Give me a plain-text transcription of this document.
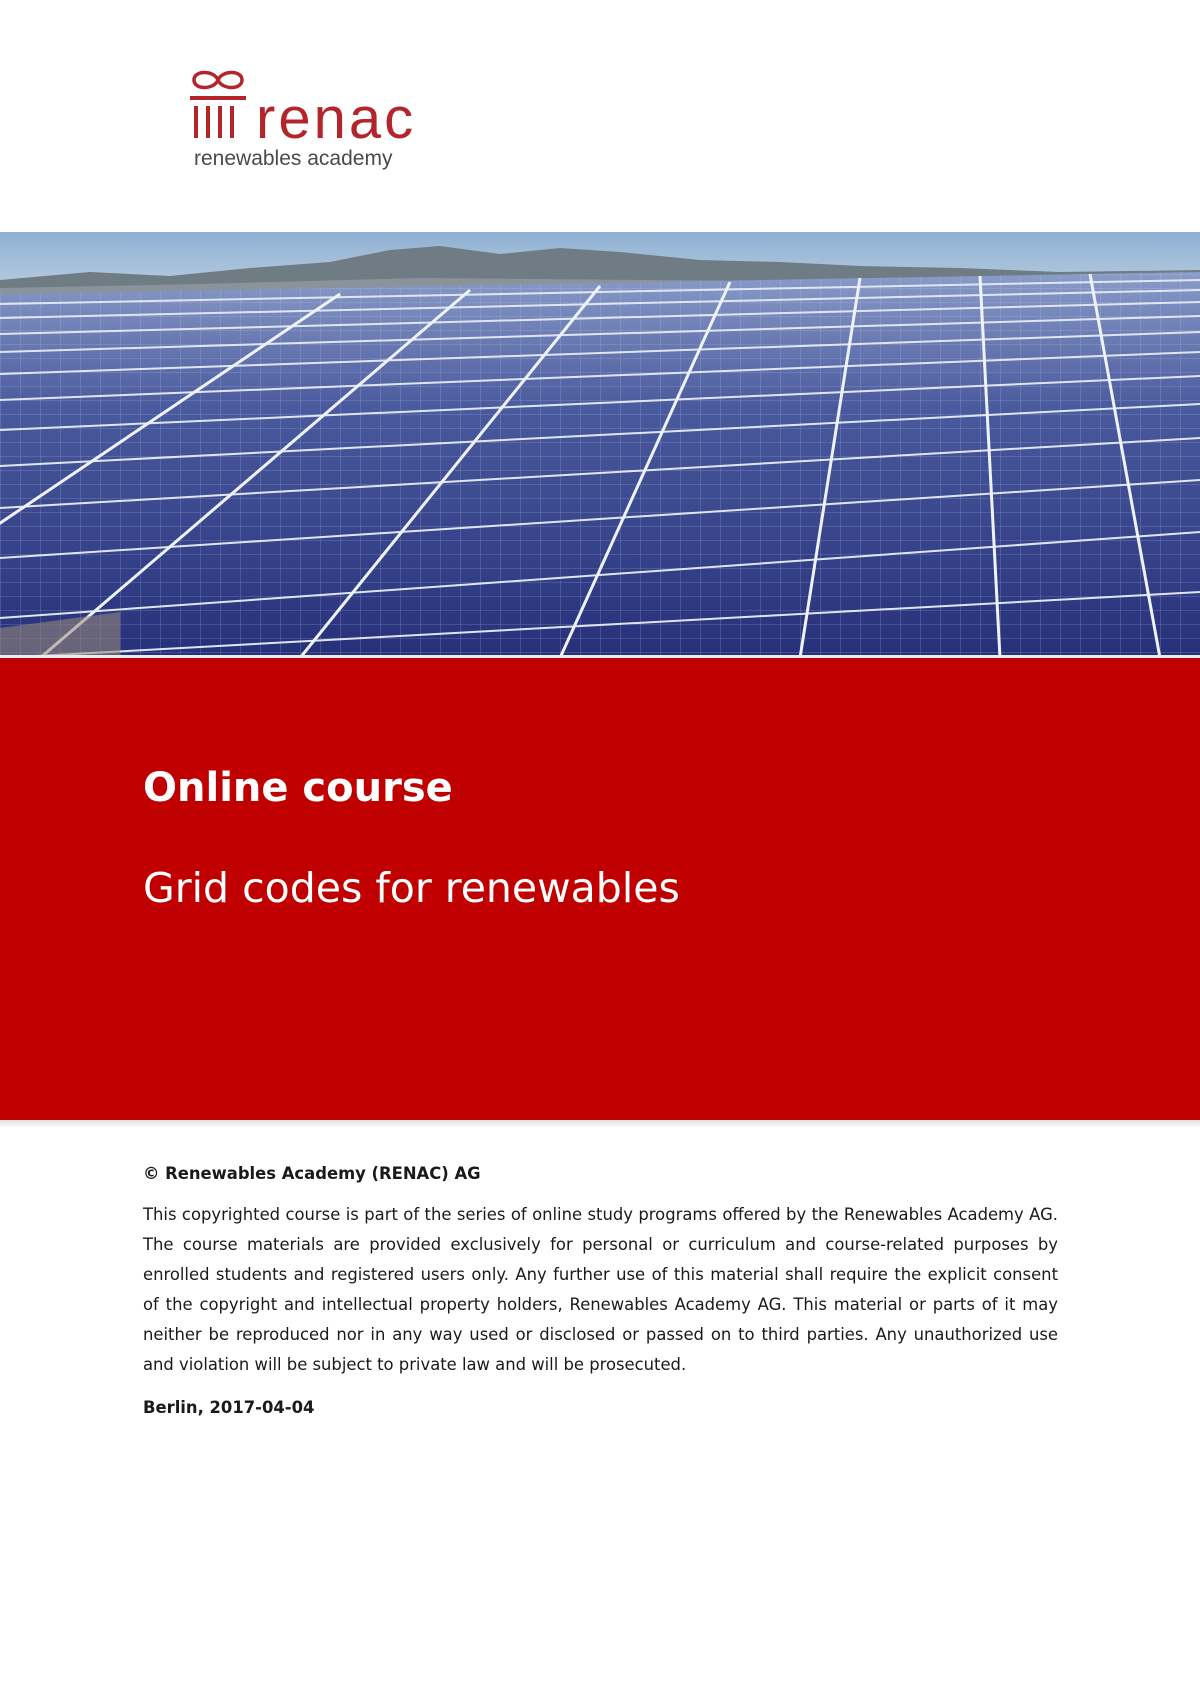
renac
renewables academy
Online course
Grid codes for renewables

© Renewables Academy (RENAC) AG

This copyrighted course is part of the series of online study programs offered by the Renewables Academy AG. The course materials are provided exclusively for personal or curriculum and course-related purposes by enrolled students and registered users only. Any further use of this material shall require the explicit consent of the copyright and intellectual property holders, Renewables Academy AG. This material or parts of it may neither be reproduced nor in any way used or disclosed or passed on to third parties. Any unauthorized use and violation will be subject to private law and will be prosecuted.

Berlin, 2017-04-04
